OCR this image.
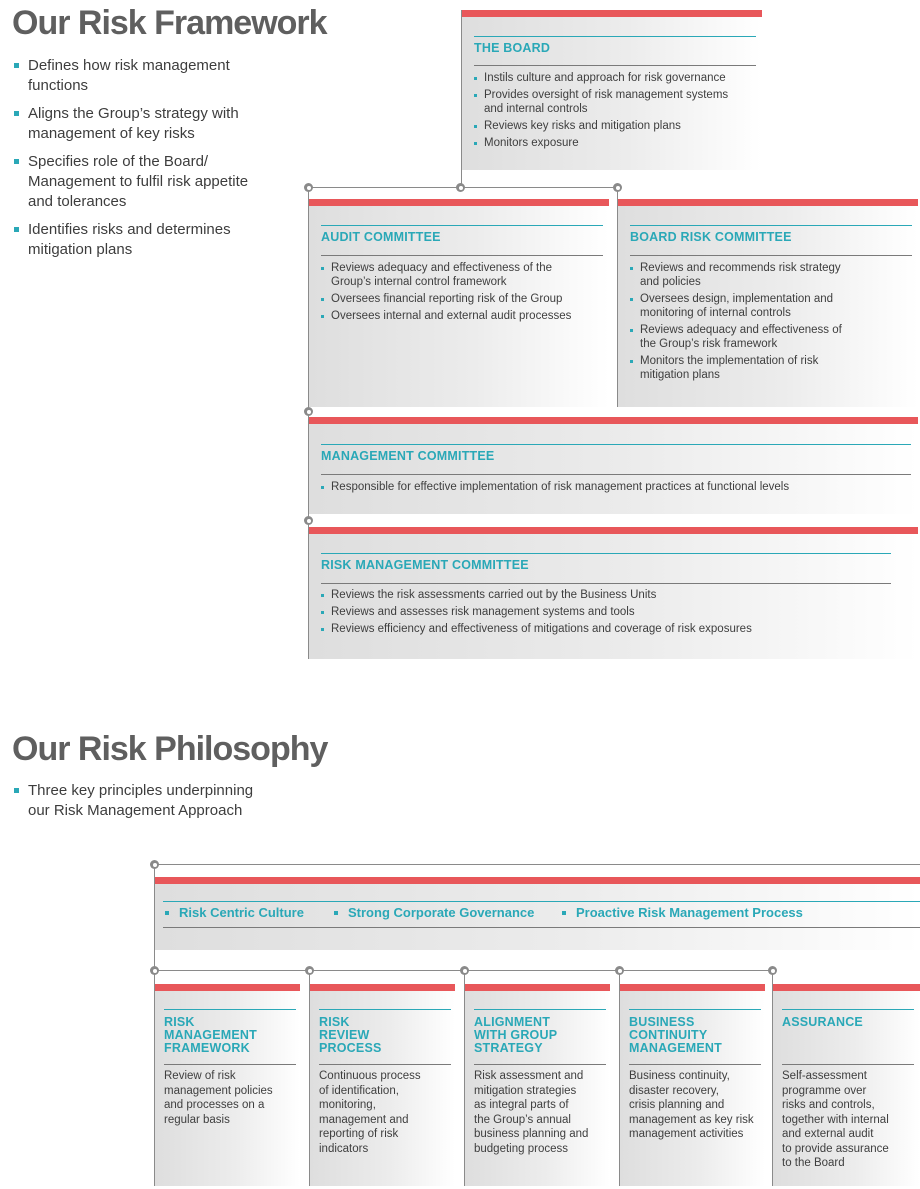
Our Risk Framework
Defines how risk management functions
Aligns the Group’s strategy with management of key risks
Specifies role of the Board/ Management to fulfil risk appetite and tolerances
Identifies risks and determines mitigation plans
THE BOARD
Instils culture and approach for risk governance
Provides oversight of risk management systems and internal controls
Reviews key risks and mitigation plans
Monitors exposure
AUDIT COMMITTEE
Reviews adequacy and effectiveness of the Group’s internal control framework
Oversees financial reporting risk of the Group
Oversees internal and external audit processes
BOARD RISK COMMITTEE
Reviews and recommends risk strategy and policies
Oversees design, implementation and monitoring of internal controls
Reviews adequacy and effectiveness of the Group’s risk framework
Monitors the implementation of risk mitigation plans
MANAGEMENT COMMITTEE
Responsible for effective implementation of risk management practices at functional levels
RISK MANAGEMENT COMMITTEE
Reviews the risk assessments carried out by the Business Units
Reviews and assesses risk management systems and tools
Reviews efficiency and effectiveness of mitigations and coverage of risk exposures
Our Risk Philosophy
Three key principles underpinning our Risk Management Approach
Risk Centric Culture	Strong Corporate Governance	Proactive Risk Management Process
RISK
MANAGEMENT
FRAMEWORK
Review of risk
management policies
and processes on a
regular basis
RISK
REVIEW
PROCESS
Continuous process
of identification,
monitoring,
management and
reporting of risk
indicators
ALIGNMENT
WITH GROUP
STRATEGY
Risk assessment and
mitigation strategies
as integral parts of
the Group’s annual
business planning and
budgeting process
BUSINESS
CONTINUITY
MANAGEMENT
Business continuity,
disaster recovery,
crisis planning and
management as key risk
management activities
ASSURANCE
Self-assessment
programme over
risks and controls,
together with internal
and external audit
to provide assurance
to the Board
